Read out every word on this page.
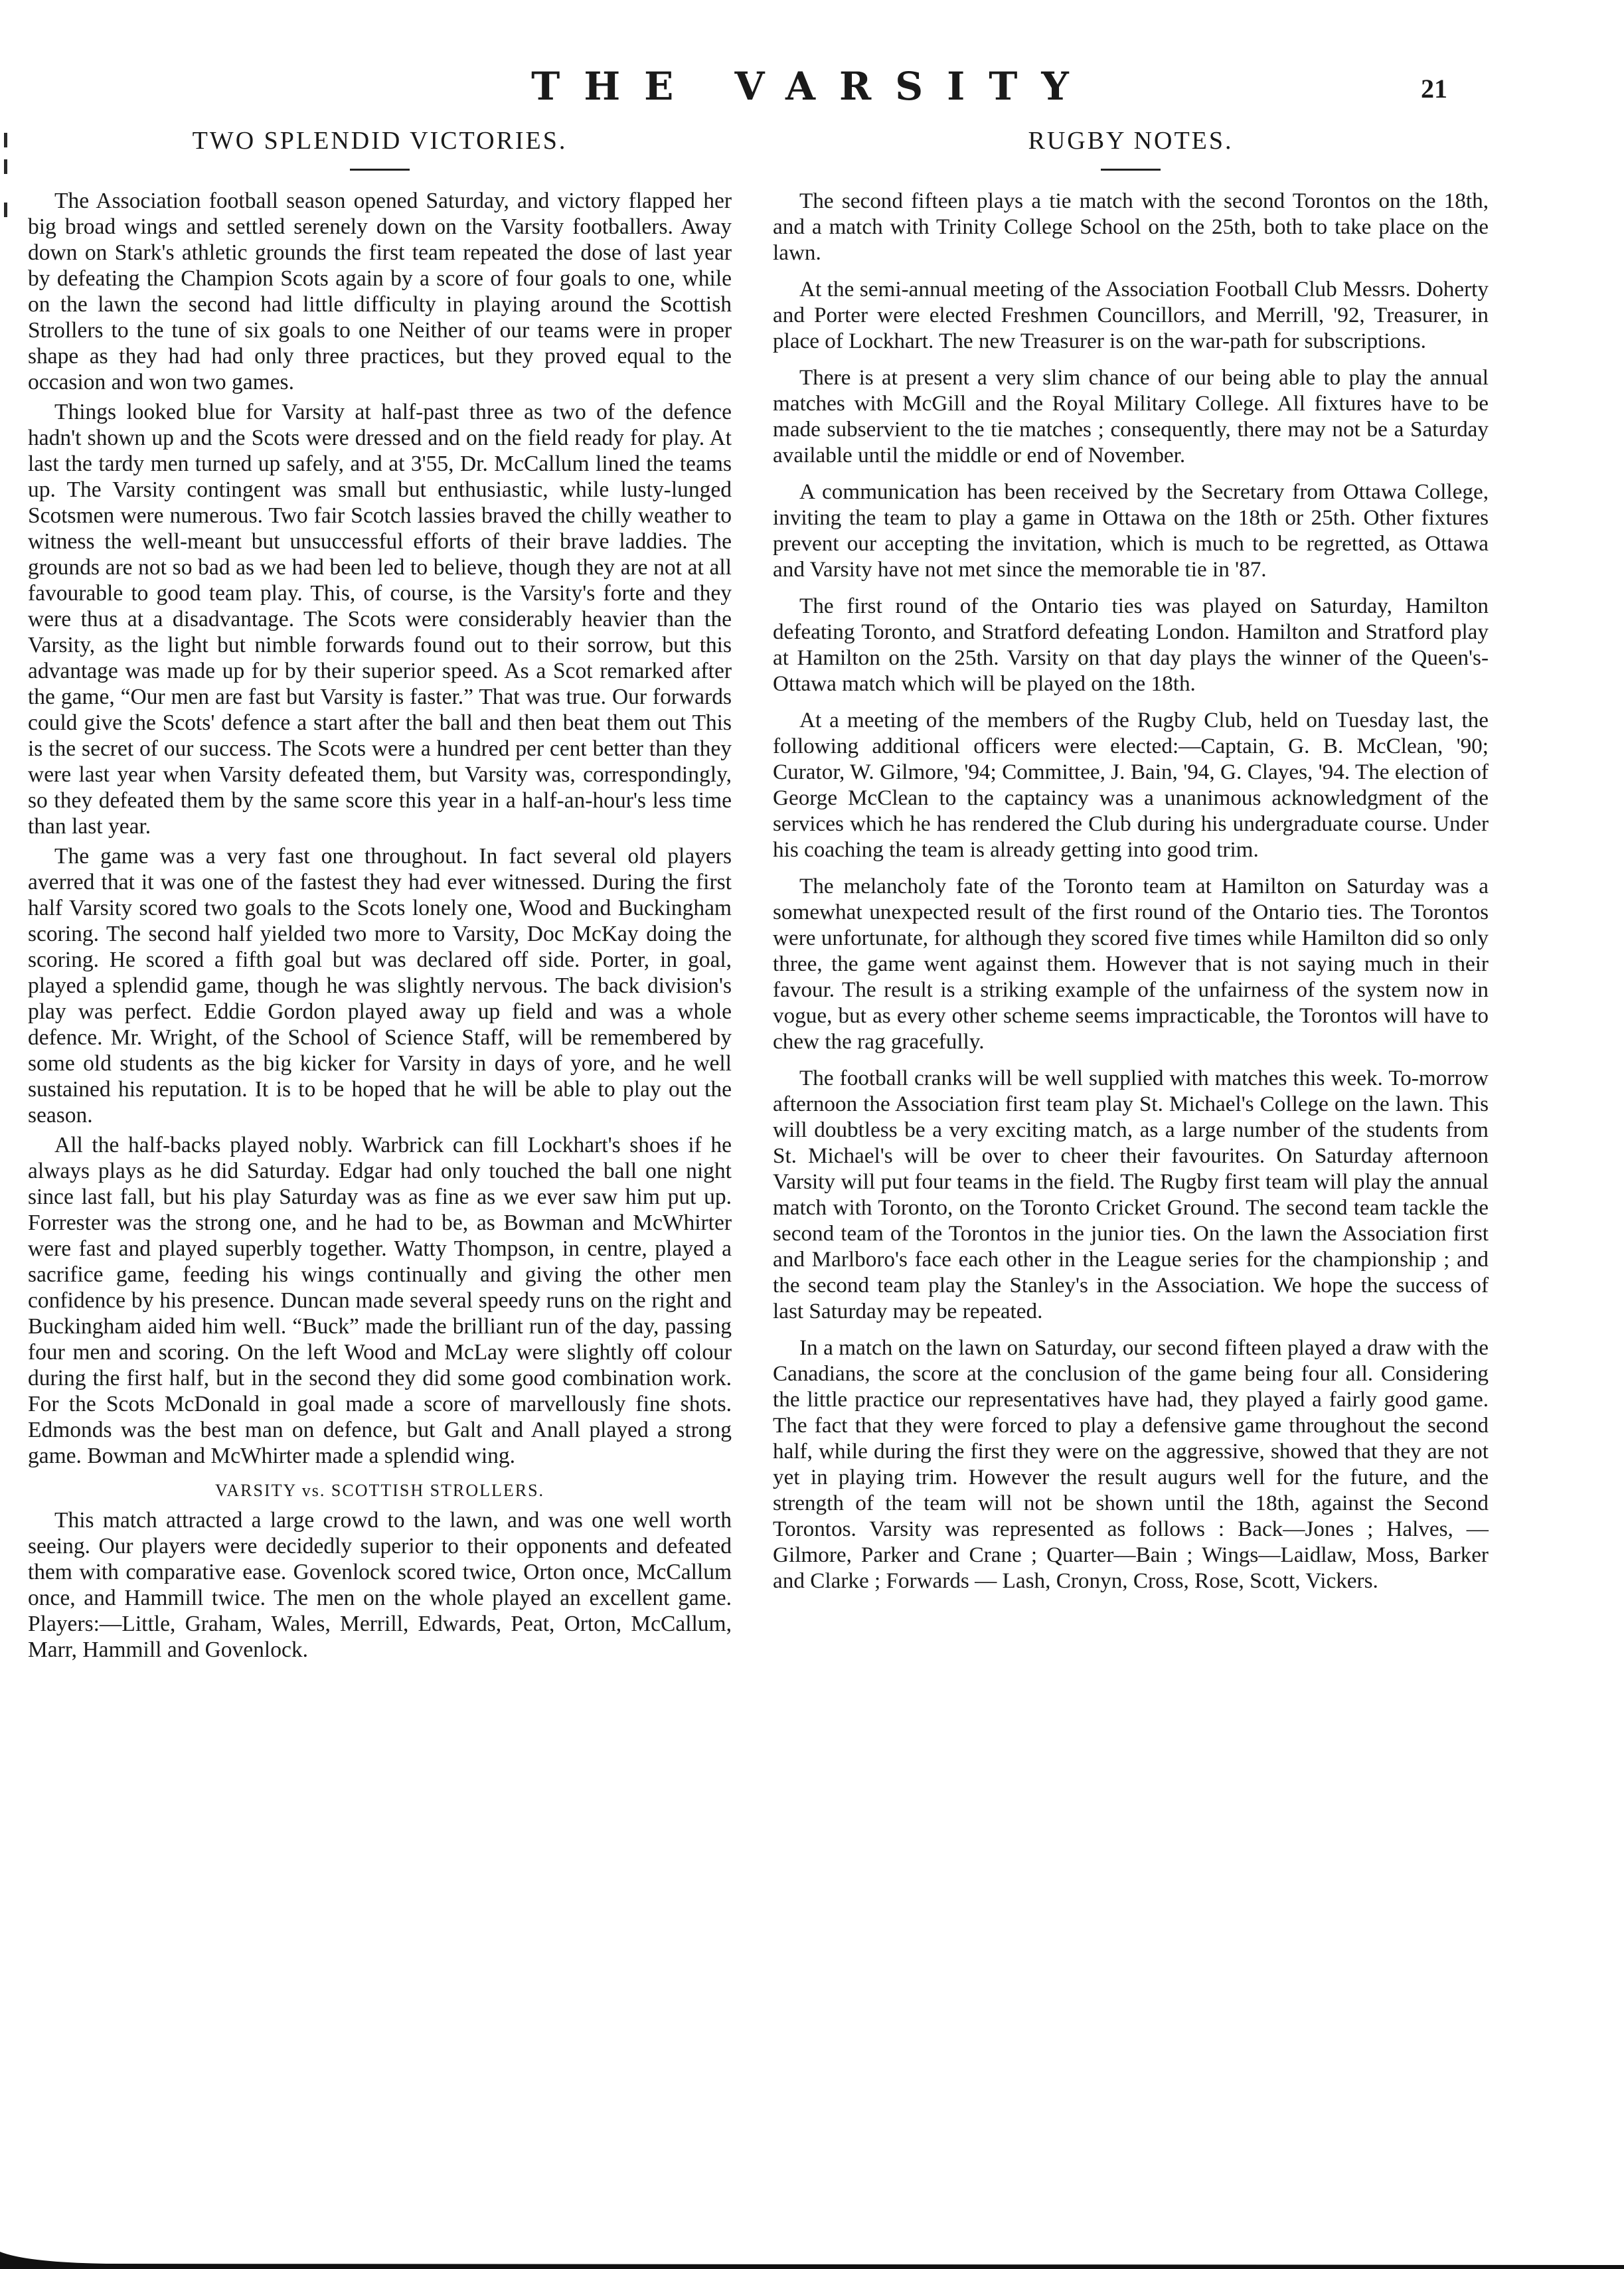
THE VARSITY	21
TWO SPLENDID VICTORIES.

The Association football season opened Saturday, and victory flapped her big broad wings and settled serenely down on the Varsity footballers. Away down on Stark's athletic grounds the first team repeated the dose of last year by defeating the Champion Scots again by a score of four goals to one, while on the lawn the second had little difficulty in playing around the Scottish Strollers to the tune of six goals to one Neither of our teams were in proper shape as they had had only three practices, but they proved equal to the occasion and won two games.

Things looked blue for Varsity at half-past three as two of the defence hadn't shown up and the Scots were dressed and on the field ready for play. At last the tardy men turned up safely, and at 3'55, Dr. McCallum lined the teams up. The Varsity contingent was small but enthusiastic, while lusty-lunged Scotsmen were numerous. Two fair Scotch lassies braved the chilly weather to witness the well-meant but unsuccessful efforts of their brave laddies. The grounds are not so bad as we had been led to believe, though they are not at all favourable to good team play. This, of course, is the Varsity's forte and they were thus at a disadvantage. The Scots were considerably heavier than the Varsity, as the light but nimble forwards found out to their sorrow, but this advantage was made up for by their superior speed. As a Scot remarked after the game, “Our men are fast but Varsity is faster.” That was true. Our forwards could give the Scots' defence a start after the ball and then beat them out This is the secret of our success. The Scots were a hundred per cent better than they were last year when Varsity defeated them, but Varsity was, correspondingly, so they defeated them by the same score this year in a half-an-hour's less time than last year.

The game was a very fast one throughout. In fact several old players averred that it was one of the fastest they had ever witnessed. During the first half Varsity scored two goals to the Scots lonely one, Wood and Buckingham scoring. The second half yielded two more to Varsity, Doc McKay doing the scoring. He scored a fifth goal but was declared off side. Porter, in goal, played a splendid game, though he was slightly nervous. The back division's play was perfect. Eddie Gordon played away up field and was a whole defence. Mr. Wright, of the School of Science Staff, will be remembered by some old students as the big kicker for Varsity in days of yore, and he well sustained his reputation. It is to be hoped that he will be able to play out the season.

All the half-backs played nobly. Warbrick can fill Lockhart's shoes if he always plays as he did Saturday. Edgar had only touched the ball one night since last fall, but his play Saturday was as fine as we ever saw him put up. Forrester was the strong one, and he had to be, as Bowman and McWhirter were fast and played superbly together. Watty Thompson, in centre, played a sacrifice game, feeding his wings continually and giving the other men confidence by his presence. Duncan made several speedy runs on the right and Buckingham aided him well. “Buck” made the brilliant run of the day, passing four men and scoring. On the left Wood and McLay were slightly off colour during the first half, but in the second they did some good combination work. For the Scots McDonald in goal made a score of marvellously fine shots. Edmonds was the best man on defence, but Galt and Anall played a strong game. Bowman and McWhirter made a splendid wing.

VARSITY vs. SCOTTISH STROLLERS.

This match attracted a large crowd to the lawn, and was one well worth seeing. Our players were decidedly superior to their opponents and defeated them with comparative ease. Govenlock scored twice, Orton once, McCallum once, and Hammill twice. The men on the whole played an excellent game. Players:—Little, Graham, Wales, Merrill, Edwards, Peat, Orton, McCallum, Marr, Hammill and Govenlock.

RUGBY NOTES.

The second fifteen plays a tie match with the second Torontos on the 18th, and a match with Trinity College School on the 25th, both to take place on the lawn.

At the semi-annual meeting of the Association Football Club Messrs. Doherty and Porter were elected Freshmen Councillors, and Merrill, '92, Treasurer, in place of Lockhart. The new Treasurer is on the war-path for subscriptions.

There is at present a very slim chance of our being able to play the annual matches with McGill and the Royal Military College. All fixtures have to be made subservient to the tie matches ; consequently, there may not be a Saturday available until the middle or end of November.

A communication has been received by the Secretary from Ottawa College, inviting the team to play a game in Ottawa on the 18th or 25th. Other fixtures prevent our accepting the invitation, which is much to be regretted, as Ottawa and Varsity have not met since the memorable tie in '87.

The first round of the Ontario ties was played on Saturday, Hamilton defeating Toronto, and Stratford defeating London. Hamilton and Stratford play at Hamilton on the 25th. Varsity on that day plays the winner of the Queen's-Ottawa match which will be played on the 18th.

At a meeting of the members of the Rugby Club, held on Tuesday last, the following additional officers were elected:—Captain, G. B. McClean, '90; Curator, W. Gilmore, '94; Committee, J. Bain, '94, G. Clayes, '94. The election of George McClean to the captaincy was a unanimous acknowledgment of the services which he has rendered the Club during his undergraduate course. Under his coaching the team is already getting into good trim.

The melancholy fate of the Toronto team at Hamilton on Saturday was a somewhat unexpected result of the first round of the Ontario ties. The Torontos were unfortunate, for although they scored five times while Hamilton did so only three, the game went against them. However that is not saying much in their favour. The result is a striking example of the unfairness of the system now in vogue, but as every other scheme seems impracticable, the Torontos will have to chew the rag gracefully.

The football cranks will be well supplied with matches this week. To-morrow afternoon the Association first team play St. Michael's College on the lawn. This will doubtless be a very exciting match, as a large number of the students from St. Michael's will be over to cheer their favourites. On Saturday afternoon Varsity will put four teams in the field. The Rugby first team will play the annual match with Toronto, on the Toronto Cricket Ground. The second team tackle the second team of the Torontos in the junior ties. On the lawn the Association first and Marlboro's face each other in the League series for the championship ; and the second team play the Stanley's in the Association. We hope the success of last Saturday may be repeated.

In a match on the lawn on Saturday, our second fifteen played a draw with the Canadians, the score at the conclusion of the game being four all. Considering the little practice our representatives have had, they played a fairly good game. The fact that they were forced to play a defensive game throughout the second half, while during the first they were on the aggressive, showed that they are not yet in playing trim. However the result augurs well for the future, and the strength of the team will not be shown until the 18th, against the Second Torontos. Varsity was represented as follows : Back—Jones ; Halves, —Gilmore, Parker and Crane ; Quarter—Bain ; Wings—Laidlaw, Moss, Barker and Clarke ; Forwards — Lash, Cronyn, Cross, Rose, Scott, Vickers.
